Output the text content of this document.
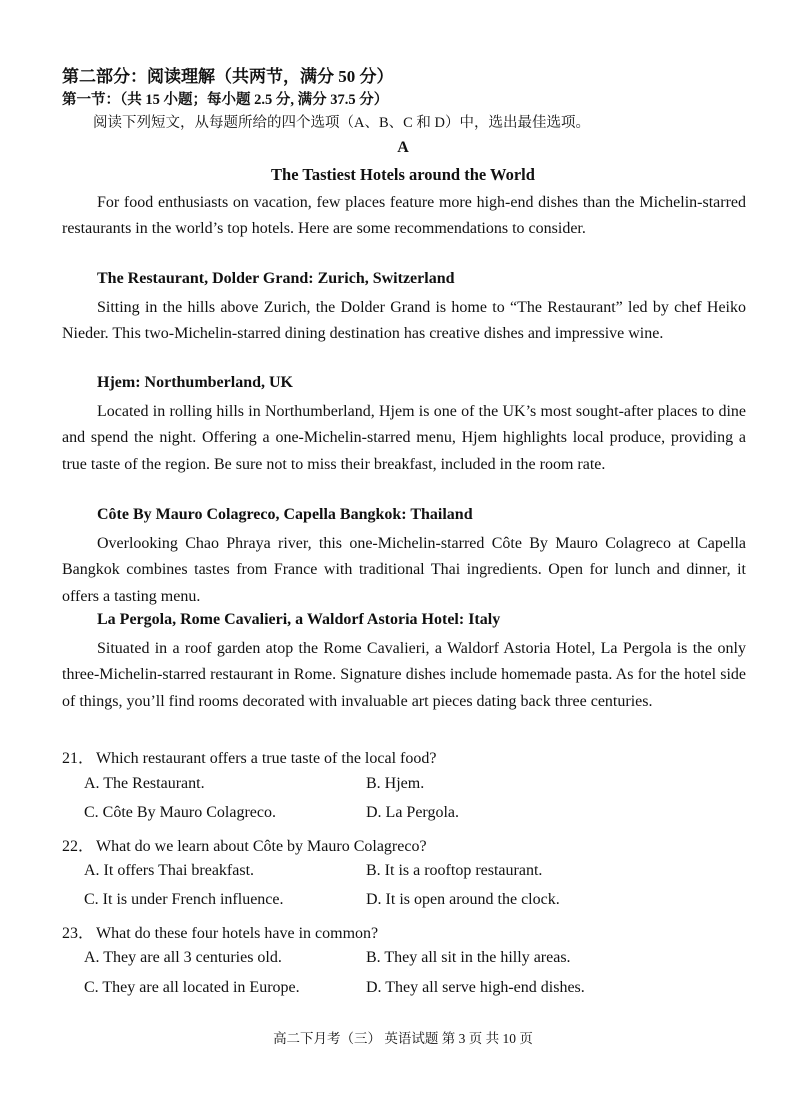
第二部分：阅读理解（共两节，满分 50 分）
第一节：（共 15 小题；每小题 2.5 分, 满分 37.5 分）
阅读下列短文，从每题所给的四个选项（A、B、C 和 D）中，选出最佳选项。
A
The Tastiest Hotels around the World

For food enthusiasts on vacation, few places feature more high-end dishes than the Michelin-starred restaurants in the world’s top hotels. Here are some recommendations to consider.

The Restaurant, Dolder Grand: Zurich, Switzerland

Sitting in the hills above Zurich, the Dolder Grand is home to “The Restaurant” led by chef Heiko Nieder. This two-Michelin-starred dining destination has creative dishes and impressive wine.

Hjem: Northumberland, UK

Located in rolling hills in Northumberland, Hjem is one of the UK’s most sought-after places to dine and spend the night. Offering a one-Michelin-starred menu, Hjem highlights local produce, providing a true taste of the region. Be sure not to miss their breakfast, included in the room rate.

Côte By Mauro Colagreco, Capella Bangkok: Thailand

Overlooking Chao Phraya river, this one-Michelin-starred Côte By Mauro Colagreco at Capella Bangkok combines tastes from France with traditional Thai ingredients. Open for lunch and dinner, it offers a tasting menu.

La Pergola, Rome Cavalieri, a Waldorf Astoria Hotel: Italy

Situated in a roof garden atop the Rome Cavalieri, a Waldorf Astoria Hotel, La Pergola is the only three-Michelin-starred restaurant in Rome. Signature dishes include homemade pasta. As for the hotel side of things, you’ll find rooms decorated with invaluable art pieces dating back three centuries.

21． Which restaurant offers a true taste of the local food?
A. The Restaurant.	B. Hjem.
C. Côte By Mauro Colagreco.	D. La Pergola.
22． What do we learn about Côte by Mauro Colagreco?
A. It offers Thai breakfast.	B. It is a rooftop restaurant.
C. It is under French influence.	D. It is open around the clock.
23． What do these four hotels have in common?
A. They are all 3 centuries old.	B. They all sit in the hilly areas.
C. They are all located in Europe.	D. They all serve high-end dishes.
高二下月考（三） 英语试题 第 3 页 共 10 页
